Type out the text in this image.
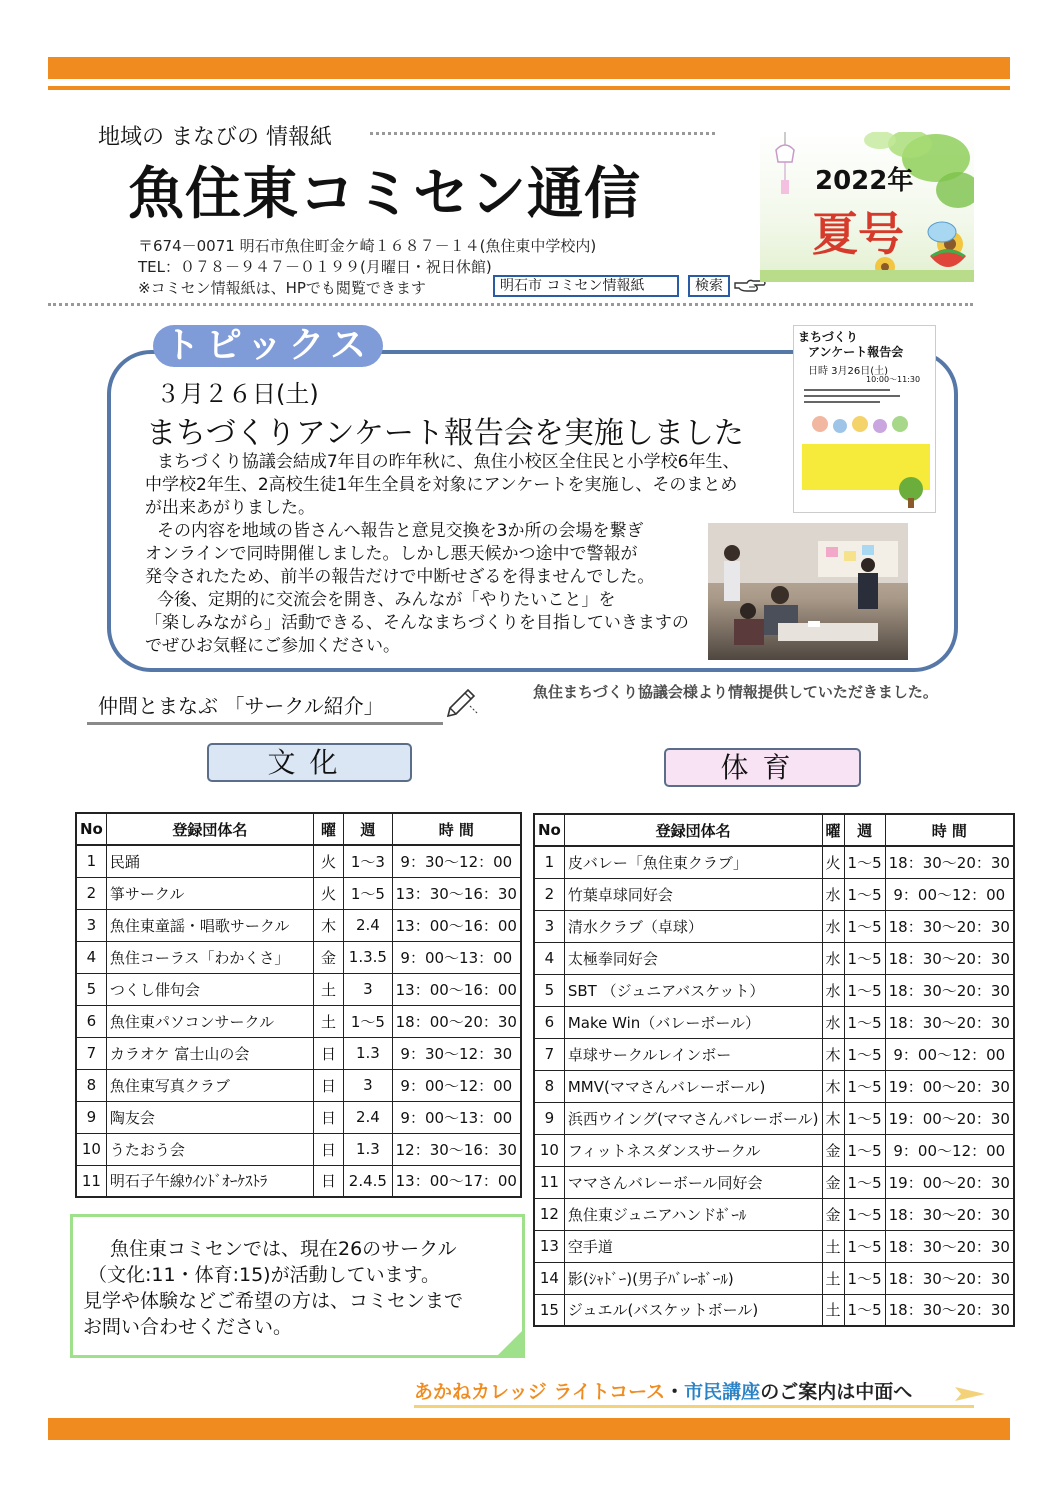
地域の まなびの 情報紙
魚住東コミセン通信
〒674－0071 明石市魚住町金ケ崎１６８７－１４(魚住東中学校内)
TEL：０７８－９４７－０１９９(月曜日・祝日休館)
※コミセン情報紙は、HPでも閲覧できます	明石市 コミセン情報紙	検索
2022年
夏号
トピックス
３月２６日(土)
まちづくりアンケート報告会を実施しました
まちづくり協議会結成7年目の昨年秋に、魚住小校区全住民と小学校6年生、
中学校2年生、2高校生徒1年生全員を対象にアンケートを実施し、そのまとめ
が出来あがりました。
その内容を地域の皆さんへ報告と意見交換を3か所の会場を繋ぎ
オンラインで同時開催しました。しかし悪天候かつ途中で警報が
発令されたため、前半の報告だけで中断せざるを得ませんでした。
今後、定期的に交流会を開き、みんなが「やりたいこと」を
「楽しみながら」活動できる、そんなまちづくりを目指していきますの
でぜひお気軽にご参加ください。
まちづくり
アンケート報告会
日時 3月26日(土)
10:00～11:30
魚住まちづくり協議会様より情報提供していただきました。
仲間とまなぶ 「サークル紹介」
文化	体育
No	登録団体名	曜	週	時 間
1	民踊	火	1～3	9：30～12：00
2	箏サークル	火	1～5	13：30～16：30
3	魚住東童謡・唱歌サークル	木	2.4	13：00～16：00
4	魚住コーラス「わかくさ」	金	1.3.5	9：00～13：00
5	つくし俳句会	土	3	13：00～16：00
6	魚住東パソコンサークル	土	1～5	18：00～20：30
7	カラオケ 富士山の会	日	1.3	9：30～12：30
8	魚住東写真クラブ	日	3	9：00～12：00
9	陶友会	日	2.4	9：00～13：00
10	うたおう会	日	1.3	12：30～16：30
11	明石子午線ｳｲﾝﾄﾞｵｰｹｽﾄﾗ	日	2.4.5	13：00～17：00
No	登録団体名	曜	週	時 間
1	皮バレー「魚住東クラブ」	火	1～5	18：30～20：30
2	竹葉卓球同好会	水	1～5	9：00～12：00
3	清水クラブ（卓球）	水	1～5	18：30～20：30
4	太極拳同好会	水	1～5	18：30～20：30
5	SBT （ジュニアバスケット）	水	1～5	18：30～20：30
6	Make Win（バレーボール）	水	1～5	18：30～20：30
7	卓球サークルレインボー	木	1～5	9：00～12：00
8	MMV(ママさんバレーボール)	木	1～5	19：00～20：30
9	浜西ウイング(ママさんバレーボール)	木	1～5	19：00～20：30
10	フィットネスダンスサークル	金	1～5	9：00～12：00
11	ママさんバレーボール同好会	金	1～5	19：00～20：30
12	魚住東ジュニアハンドﾎﾞｰﾙ	金	1～5	18：30～20：30
13	空手道	土	1～5	18：30～20：30
14	影(ｼｬﾄﾞｰ)(男子ﾊﾞﾚｰﾎﾞｰﾙ)	土	1～5	18：30～20：30
15	ジュエル(バスケットボール)	土	1～5	18：30～20：30
魚住東コミセンでは、現在26のサークル
（文化:11・体育:15)が活動しています。
見学や体験などご希望の方は、コミセンまで
お問い合わせください。
あかねカレッジ ライトコース・市民講座のご案内は中面へ
